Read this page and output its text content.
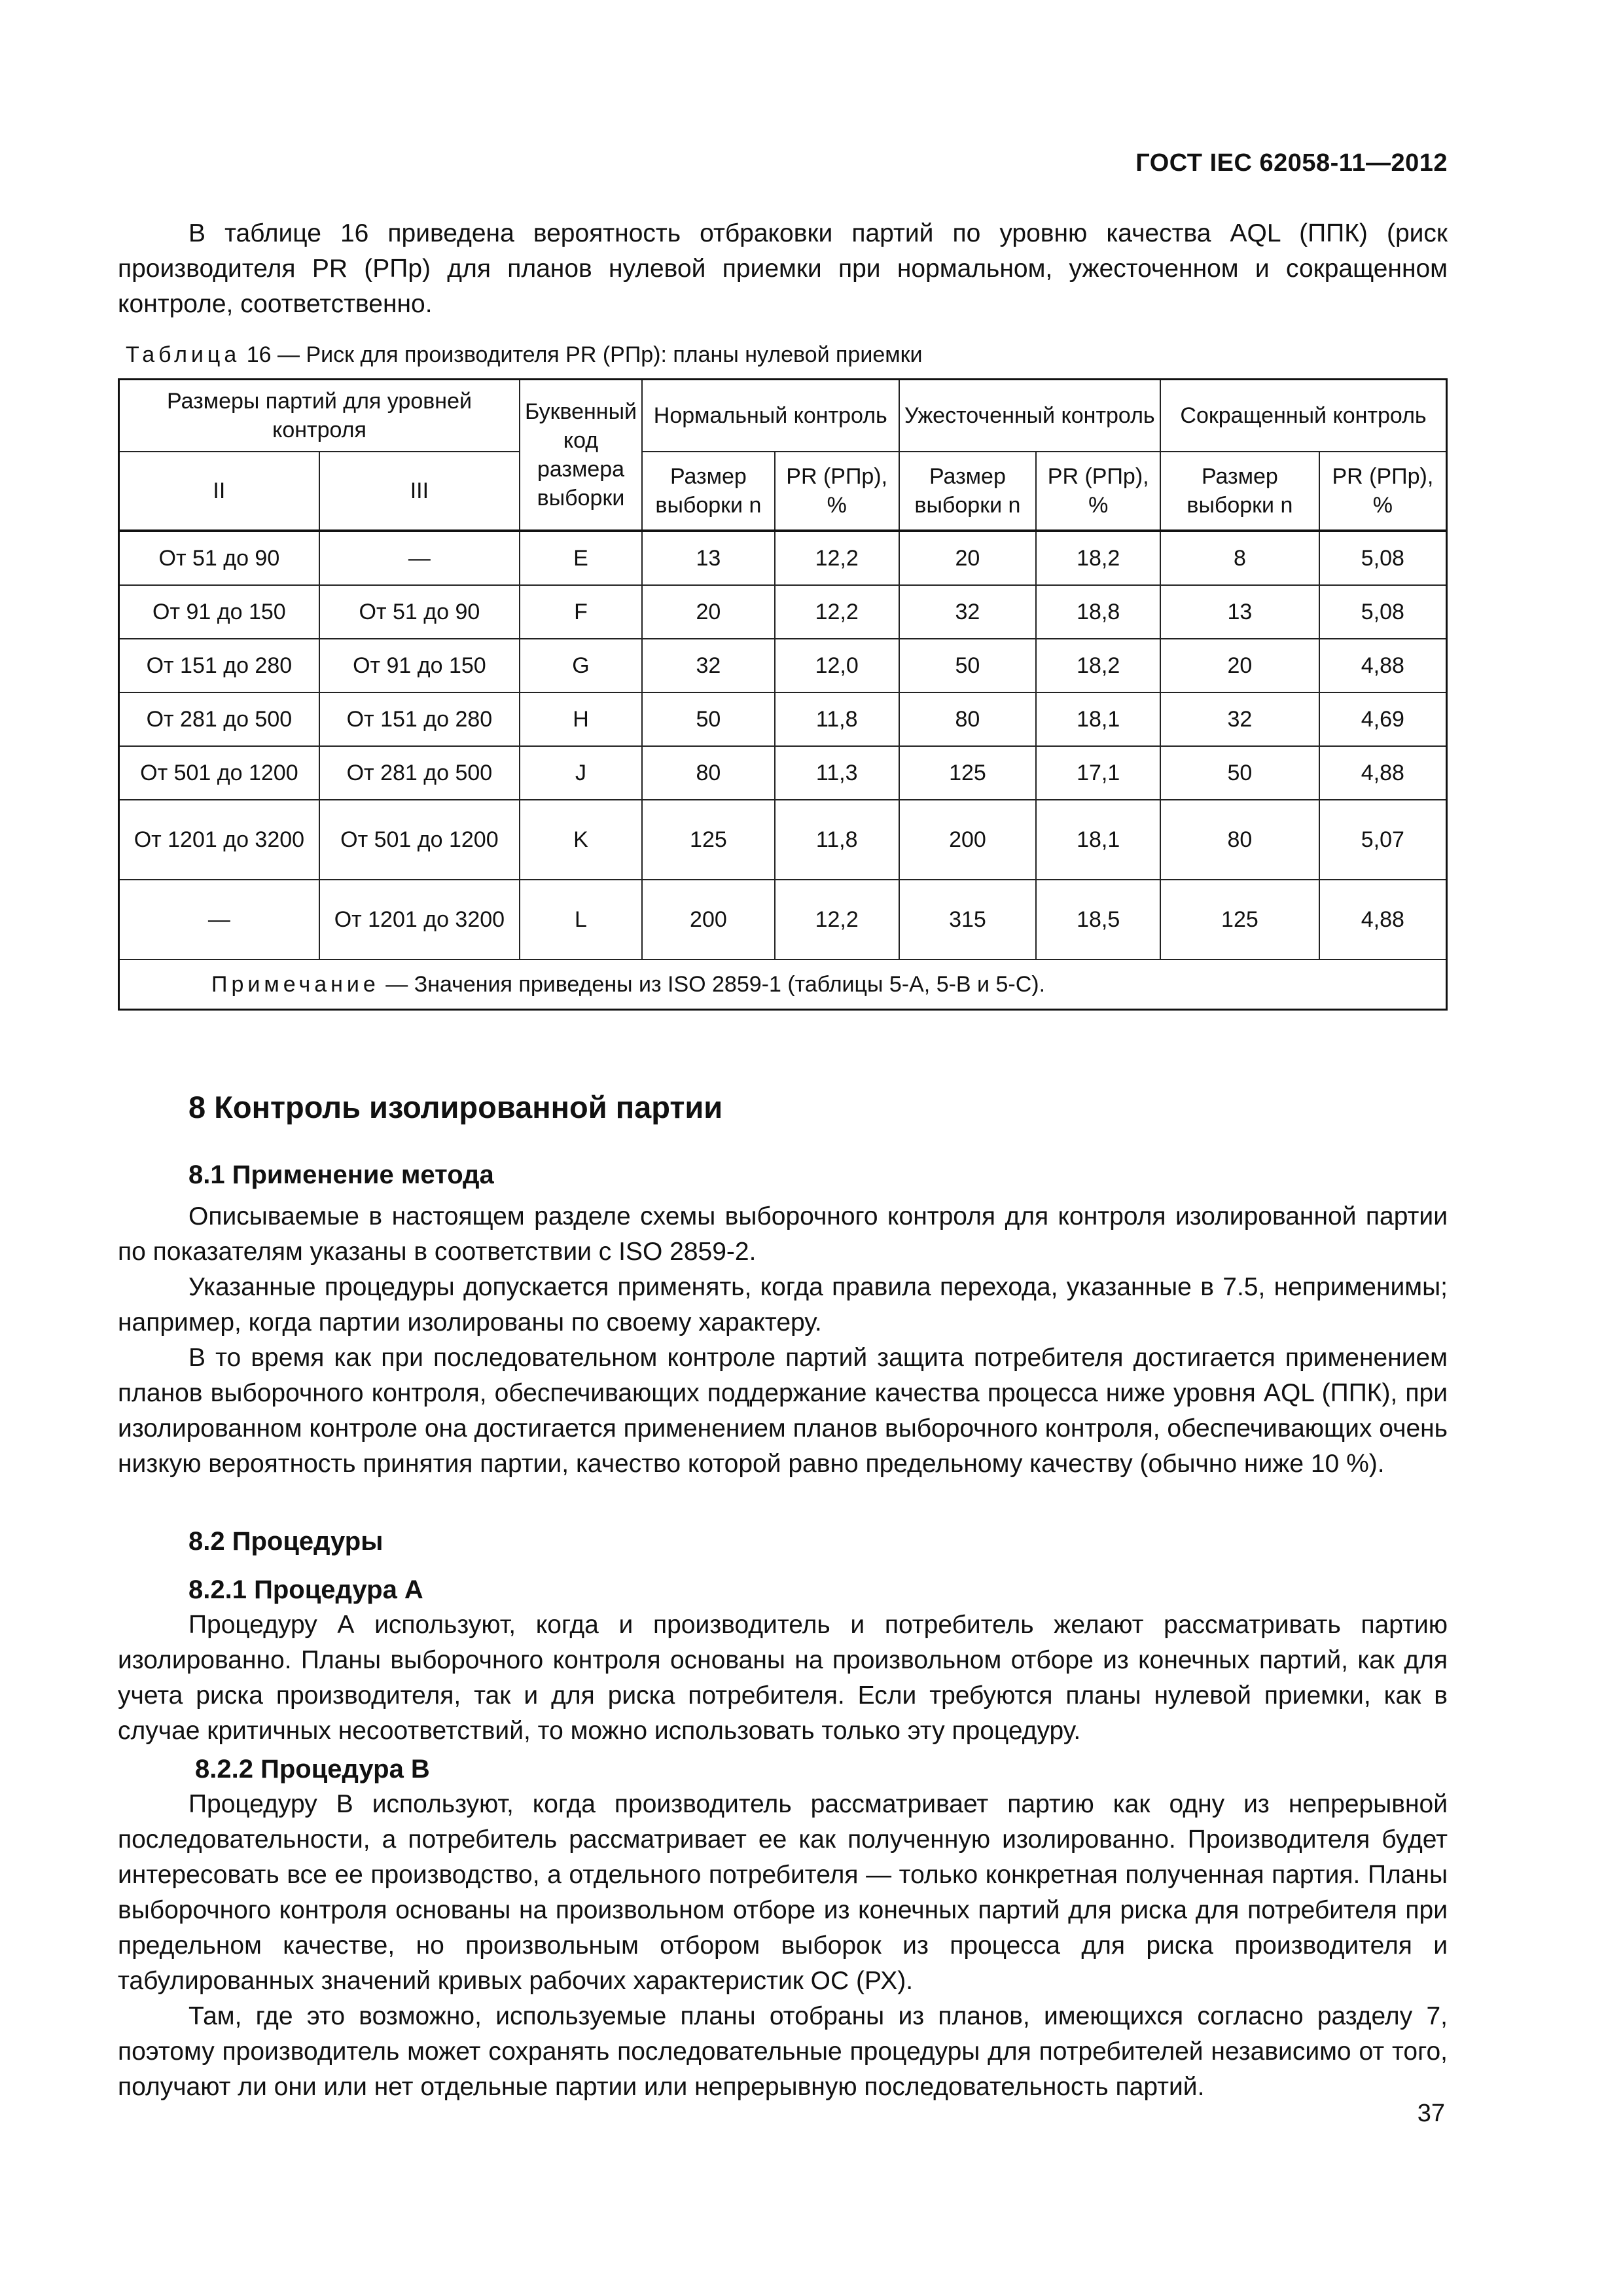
ГОСТ IEC 62058-11—2012

В таблице 16 приведена вероятность отбраковки партий по уровню качества AQL (ППК) (риск производителя PR (РПр) для планов нулевой приемки при нормальном, ужесточенном и сокращенном контроле, соответственно.

Таблица 16 — Риск для производителя PR (РПр): планы нулевой приемки
Размеры партий для уровней контроля		Буквенный код размера выборки	Нормальный контроль		Ужесточенный контроль		Сокращенный контроль	
II	III		Размер выборки n	PR (РПр), %	Размер выборки n	PR (РПр), %	Размер выборки n	PR (РПр), %
От 51 до 90	—	E	13	12,2	20	18,2	8	5,08
От 91 до 150	От 51 до 90	F	20	12,2	32	18,8	13	5,08
От 151 до 280	От 91 до 150	G	32	12,0	50	18,2	20	4,88
От 281 до 500	От 151 до 280	H	50	11,8	80	18,1	32	4,69
От 501 до 1200	От 281 до 500	J	80	11,3	125	17,1	50	4,88
От 1201 до 3200	От 501 до 1200	K	125	11,8	200	18,1	80	5,07
—	От 1201 до 3200	L	200	12,2	315	18,5	125	4,88
Примечание — Значения приведены из ISO 2859-1 (таблицы 5-A, 5-B и 5-C).								
8 Контроль изолированной партии
8.1 Применение метода

Описываемые в настоящем разделе схемы выборочного контроля для контроля изолированной партии по показателям указаны в соответствии с ISO 2859-2.

Указанные процедуры допускается применять, когда правила перехода, указанные в 7.5, неприменимы; например, когда партии изолированы по своему характеру.

В то время как при последовательном контроле партий защита потребителя достигается применением планов выборочного контроля, обеспечивающих поддержание качества процесса ниже уровня AQL (ППК), при изолированном контроле она достигается применением планов выборочного контроля, обеспечивающих очень низкую вероятность принятия партии, качество которой равно предельному качеству (обычно ниже 10 %).

8.2 Процедуры
8.2.1 Процедура А

Процедуру А используют, когда и производитель и потребитель желают рассматривать партию изолированно. Планы выборочного контроля основаны на произвольном отборе из конечных партий, как для учета риска производителя, так и для риска потребителя. Если требуются планы нулевой приемки, как в случае критичных несоответствий, то можно использовать только эту процедуру.

8.2.2 Процедура В

Процедуру В используют, когда производитель рассматривает партию как одну из непрерывной последовательности, а потребитель рассматривает ее как полученную изолированно. Производителя будет интересовать все ее производство, а отдельного потребителя — только конкретная полученная партия. Планы выборочного контроля основаны на произвольном отборе из конечных партий для риска для потребителя при предельном качестве, но произвольным отбором выборок из процесса для риска производителя и табулированных значений кривых рабочих характеристик ОС (РХ).

Там, где это возможно, используемые планы отобраны из планов, имеющихся согласно разделу 7, поэтому производитель может сохранять последовательные процедуры для потребителей независимо от того, получают ли они или нет отдельные партии или непрерывную последовательность партий.

37
